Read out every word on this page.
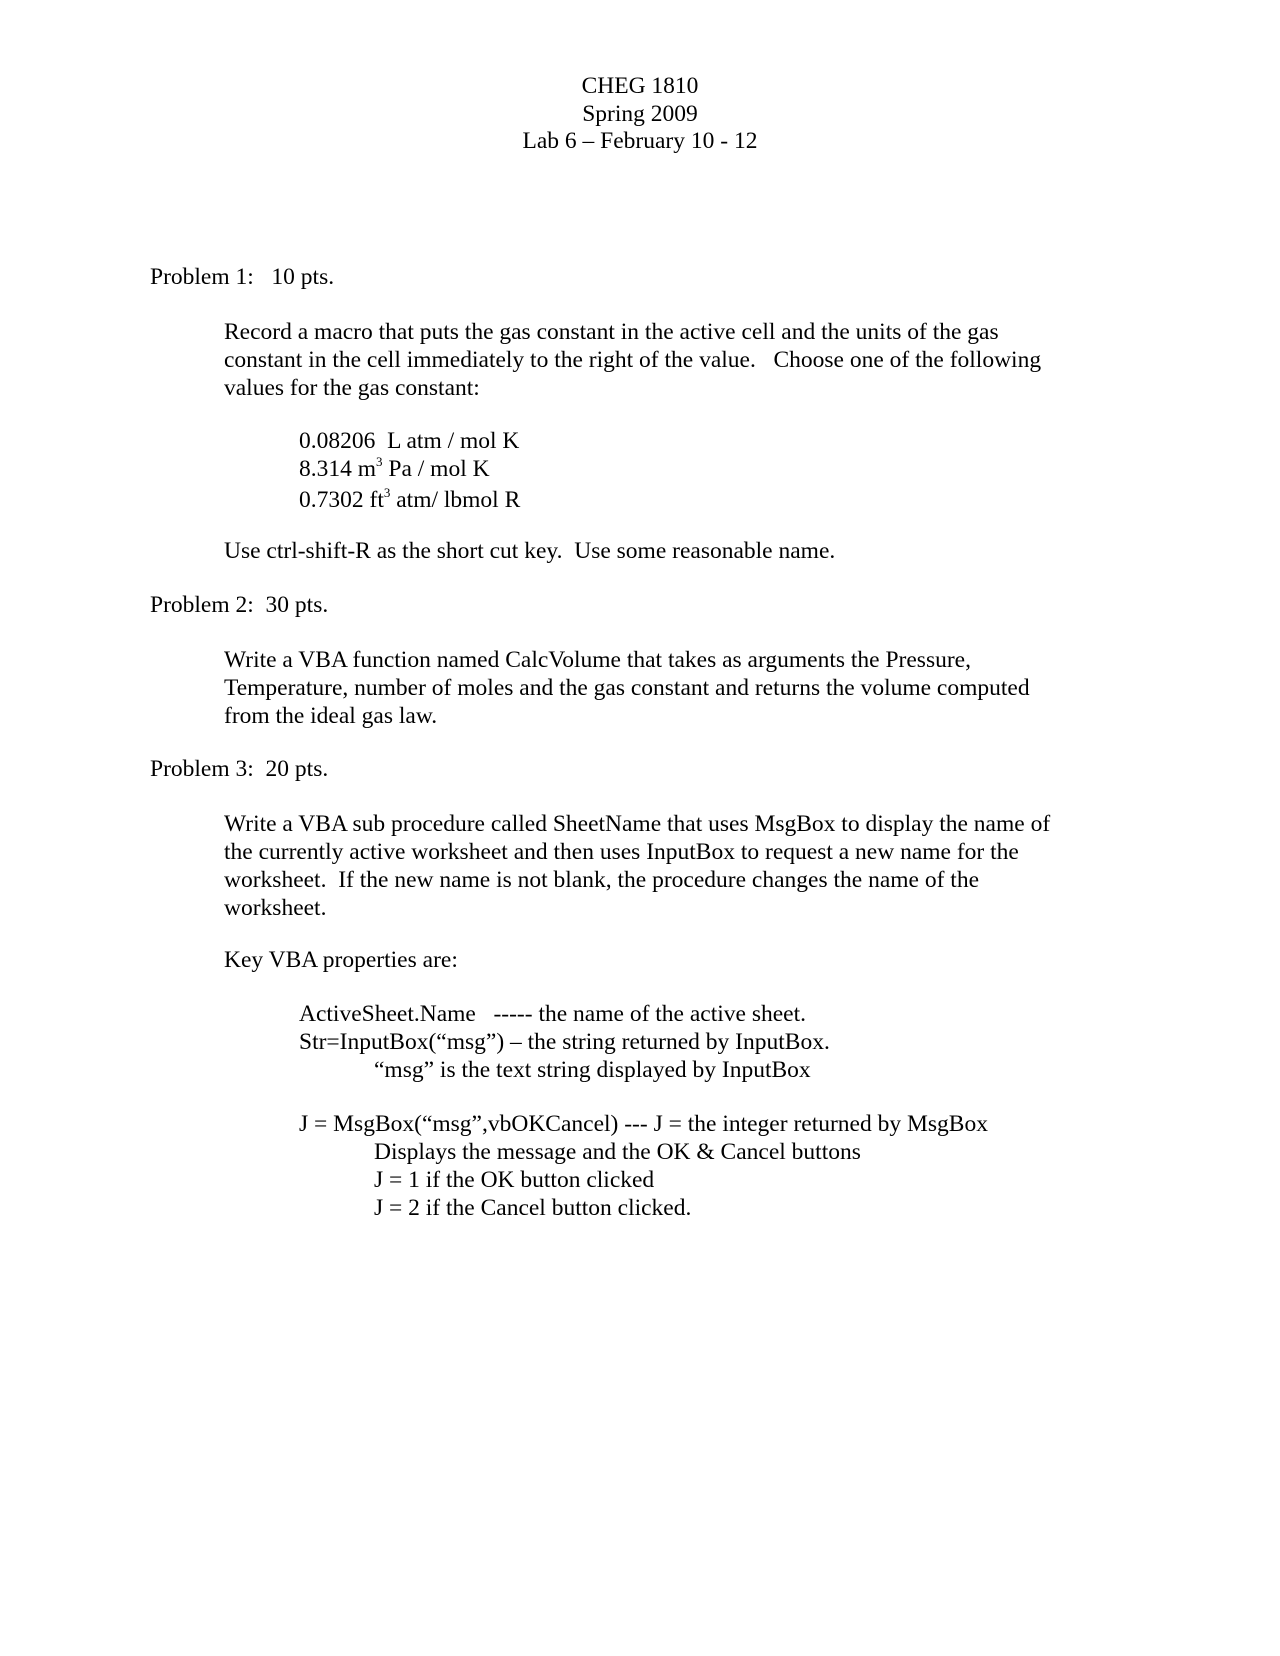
CHEG 1810
Spring 2009
Lab 6 – February 10 - 12
Problem 1:   10 pts.
Record a macro that puts the gas constant in the active cell and the units of the gas
constant in the cell immediately to the right of the value.   Choose one of the following
values for the gas constant:
0.08206 L atm / mol K
8.314 $m^3$ Pa / mol K
0.7302 $ft^3$ atm/ lbmol R
Use ctrl-shift-R as the short cut key.  Use some reasonable name.
Problem 2:  30 pts.
Write a VBA function named CalcVolume that takes as arguments the Pressure,
Temperature, number of moles and the gas constant and returns the volume computed
from the ideal gas law.
Problem 3:  20 pts.
Write a VBA sub procedure called SheetName that uses MsgBox to display the name of
the currently active worksheet and then uses InputBox to request a new name for the
worksheet.  If the new name is not blank, the procedure changes the name of the
worksheet.
Key VBA properties are:
ActiveSheet.Name   ----- the name of the active sheet.
Str=InputBox(“msg”) – the string returned by InputBox.
“msg” is the text string displayed by InputBox
J = MsgBox(“msg”,vbOKCancel) --- J = the integer returned by MsgBox
Displays the message and the OK & Cancel buttons
J = 1 if the OK button clicked
J = 2 if the Cancel button clicked.
